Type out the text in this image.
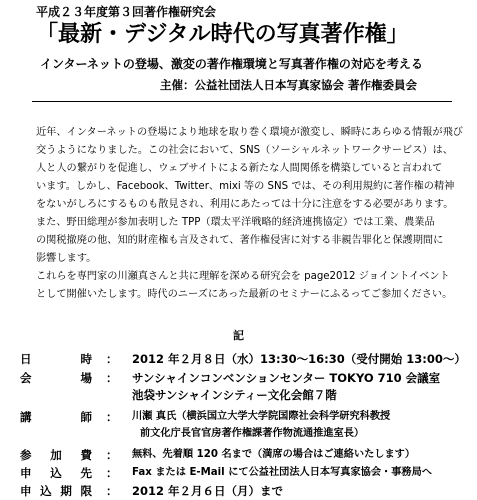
平成２３年度第３回著作権研究会
「最新・デジタル時代の写真著作権」
インターネットの登場、激変の著作権環境と写真著作権の対応を考える
主催：公益社団法人日本写真家協会 著作権委員会
近年、インターネットの登場により地球を取り巻く環境が激変し、瞬時にあらゆる情報が飛び
交うようになりました。この社会において、SNS（ソーシャルネットワークサービス）は、
人と人の繋がりを促進し、ウェブサイトによる新たな人間関係を構築していると言われて
います。しかし、Facebook、Twitter、mixi 等の SNS では、その利用規約に著作権の精神
をないがしろにするものも散見され、利用にあたっては十分に注意をする必要があります。
また、野田総理が参加表明した TPP（環太平洋戦略的経済連携協定）では工業、農業品
の関税撤廃の他、知的財産権も言及されて、著作権侵害に対する非親告罪化と保護期間に
影響します。
これらを専門家の川瀬真さんと共に理解を深める研究会を page2012 ジョイントイベント
として開催いたします。時代のニーズにあった最新のセミナーにふるってご参加ください。
記
日　時 ： 2012 年２月８日（水）13:30～16:30（受付開始 13:00～）
会　場 ： サンシャインコンベンションセンター TOKYO 710 会議室
池袋サンシャインシティー文化会館７階
講　師 ： 川瀬 真氏（横浜国立大学大学院国際社会科学研究科教授
前文化庁長官官房著作権課著作物流通推進室長）
参加費 ： 無料、先着順 120 名まで（満席の場合はご連絡いたします）
申込先 ： Fax または E-Mail にて公益社団法人日本写真家協会・事務局へ
申込期限 ： 2012 年２月６日（月）まで
